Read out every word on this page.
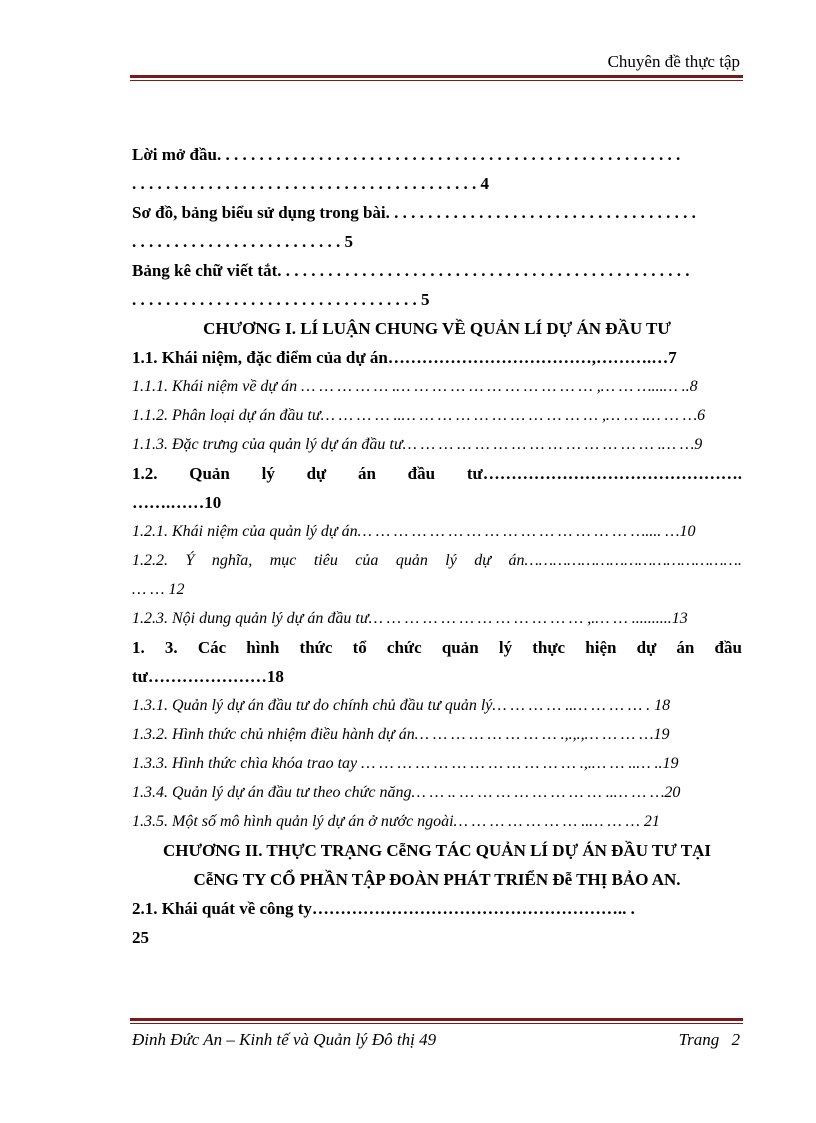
Chuyên đề thực tập
Lời mở đầu. . . . . . . . . . . . . . . . . . . . . . . . . . . . . . . . . . . . . . . . . . . . . . . . . . . . . . .
. . . . . . . . . . . . . . . . . . . . . . . . . . . . . . . . . . . . . . . . . 4
Sơ đồ, bảng biểu sử dụng trong bài. . . . . . . . . . . . . . . . . . . . . . . . . . . . . . . . . . . . .
. . . . . . . . . . . . . . . . . . . . . . . . . 5
Bảng kê chữ viết tắt. . . . . . . . . . . . . . . . . . . . . . . . . . . . . . . . . . . . . . . . . . . . . . . . .
. . . . . . . . . . . . . . . . . . . . . . . . . . . . . . . . . . 5
CHƯƠNG I. LÍ LUẬN CHUNG VỀ QUẢN LÍ DỰ ÁN ĐẦU TƯ
1.1. Khái niệm, đặc điểm của dự án………………………………,……….…7
1.1.1. Khái niệm về dự án … … … … … .… … … … … … … … … … … ,… … …...… ..8
1.1.2. Phân loại dự án đầu tư… … … … ..… … … … … … … … … … … ,… … .… … …6
1.1.3. Đặc trưng của quản lý dự án đầu tư… … … … … … … … … … … … … … .… …9
1.2. Quản lý dự án đầu tư……………………………………….
…….……10
1.2.1. Khái niệm của quản lý dự án… … … … … … … … … … … … … … … ….... …10
1.2.2. Ý nghĩa, mục tiêu của quản lý dự án……………………………………….
… … 12
1.2.3. Nội dung quản lý dự án đầu tư… … … … … … … … … … … … ,.… … ..........13
1. 3. Các hình thức tổ chức quản lý thực hiện dự án đầu
tư…………………18
1.3.1. Quản lý dự án đầu tư do chính chủ đầu tư quản lý… … … … ..… … … … . 18
1.3.2. Hình thức chủ nhiệm điều hành dự án… … … … … … … … .,.,.,… … … …19
1.3.3. Hình thức chìa khóa trao tay … … … … … … … … … … … … .,.… … ..… ..19
1.3.4. Quản lý dự án đầu tư theo chức năng… … .. … … … … … … … … ..… … …20
1.3.5. Một số mô hình quản lý dự án ở nước ngoài… … … … … … … ..… … … 21
CHƯƠNG II. THỰC TRẠNG CễNG TÁC QUẢN LÍ DỰ ÁN ĐẦU TƯ TẠI
CễNG TY CỔ PHẦN TẬP ĐOÀN PHÁT TRIỂN Đễ THỊ BẢO AN.
2.1. Khái quát về công ty……………………………………………….. .
25
Đinh Đức An – Kinh tế và Quản lý Đô thị 49	Trang 2
